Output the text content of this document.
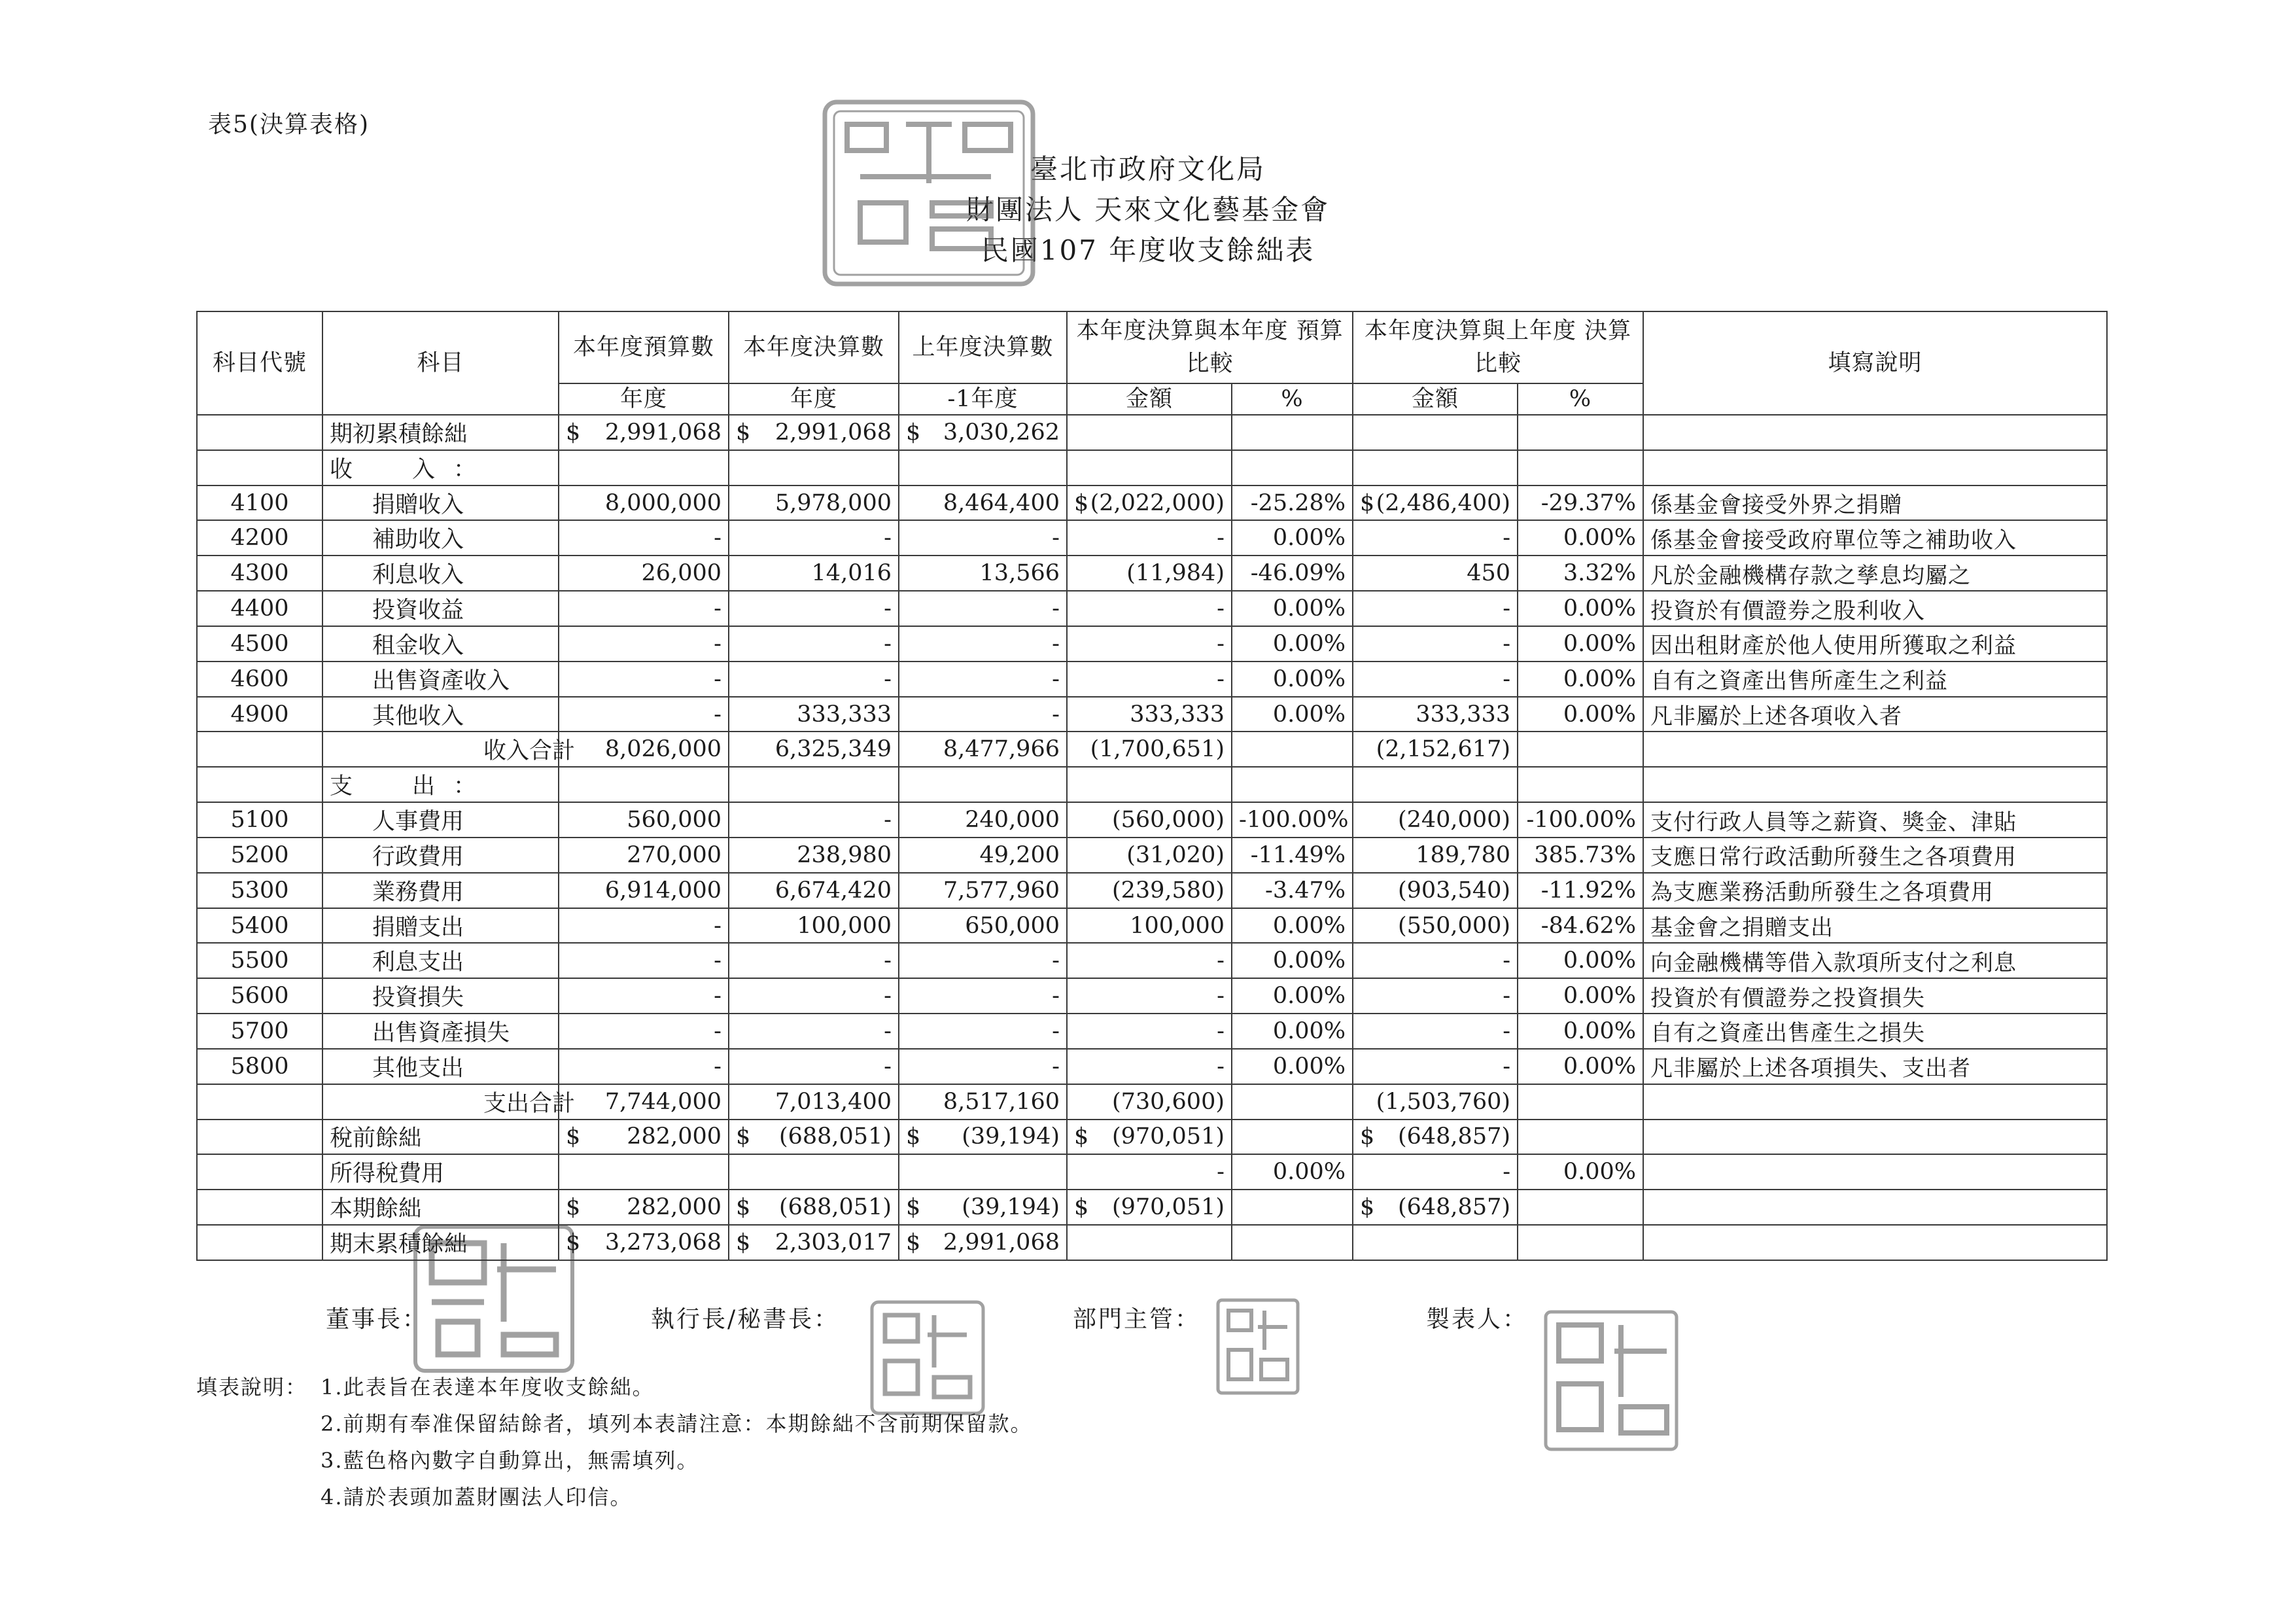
表5(決算表格)
臺北市政府文化局
財團法人 天來文化藝基金會
民國107 年度收支餘絀表
科目代號	科目	本年度預算數	本年度決算數	上年度決算數	本年度決算與本年度 預算比較		本年度決算與上年度 決算比較		填寫說明
		年度	年度	-1年度	金額	%	金額	%	
	期初累積餘絀	$ 2,991,068	$ 2,991,068	$ 3,030,262					
	收　入：								
4100	捐贈收入	8,000,000	5,978,000	8,464,400	$ (2,022,000)	-25.28%	$ (2,486,400)	-29.37%	係基金會接受外界之捐贈
4200	補助收入	-	-	-	-	0.00%	-	0.00%	係基金會接受政府單位等之補助收入
4300	利息收入	26,000	14,016	13,566	(11,984)	-46.09%	450	3.32%	凡於金融機構存款之孳息均屬之
4400	投資收益	-	-	-	-	0.00%	-	0.00%	投資於有價證券之股利收入
4500	租金收入	-	-	-	-	0.00%	-	0.00%	因出租財產於他人使用所獲取之利益
4600	出售資產收入	-	-	-	-	0.00%	-	0.00%	自有之資產出售所產生之利益
4900	其他收入	-	333,333	-	333,333	0.00%	333,333	0.00%	凡非屬於上述各項收入者
	收入合計	8,026,000	6,325,349	8,477,966	(1,700,651)		(2,152,617)		
	支　出：								
5100	人事費用	560,000	-	240,000	(560,000)	-100.00%	(240,000)	-100.00%	支付行政人員等之薪資、獎金、津貼
5200	行政費用	270,000	238,980	49,200	(31,020)	-11.49%	189,780	385.73%	支應日常行政活動所發生之各項費用
5300	業務費用	6,914,000	6,674,420	7,577,960	(239,580)	-3.47%	(903,540)	-11.92%	為支應業務活動所發生之各項費用
5400	捐贈支出	-	100,000	650,000	100,000	0.00%	(550,000)	-84.62%	基金會之捐贈支出
5500	利息支出	-	-	-	-	0.00%	-	0.00%	向金融機構等借入款項所支付之利息
5600	投資損失	-	-	-	-	0.00%	-	0.00%	投資於有價證券之投資損失
5700	出售資產損失	-	-	-	-	0.00%	-	0.00%	自有之資產出售產生之損失
5800	其他支出	-	-	-	-	0.00%	-	0.00%	凡非屬於上述各項損失、支出者
	支出合計	7,744,000	7,013,400	8,517,160	(730,600)		(1,503,760)		
	稅前餘絀	$ 282,000	$ (688,051)	$ (39,194)	$ (970,051)		$ (648,857)		
	所得稅費用				-	0.00%	-	0.00%	
	本期餘絀	$ 282,000	$ (688,051)	$ (39,194)	$ (970,051)		$ (648,857)		
	期末累積餘絀	$ 3,273,068	$ 2,303,017	$ 2,991,068					
董事長：	執行長/秘書長：	部門主管：	製表人：
填表說明： 1.此表旨在表達本年度收支餘絀。
2.前期有奉准保留結餘者，填列本表請注意：本期餘絀不含前期保留款。
3.藍色格內數字自動算出，無需填列。
4.請於表頭加蓋財團法人印信。
